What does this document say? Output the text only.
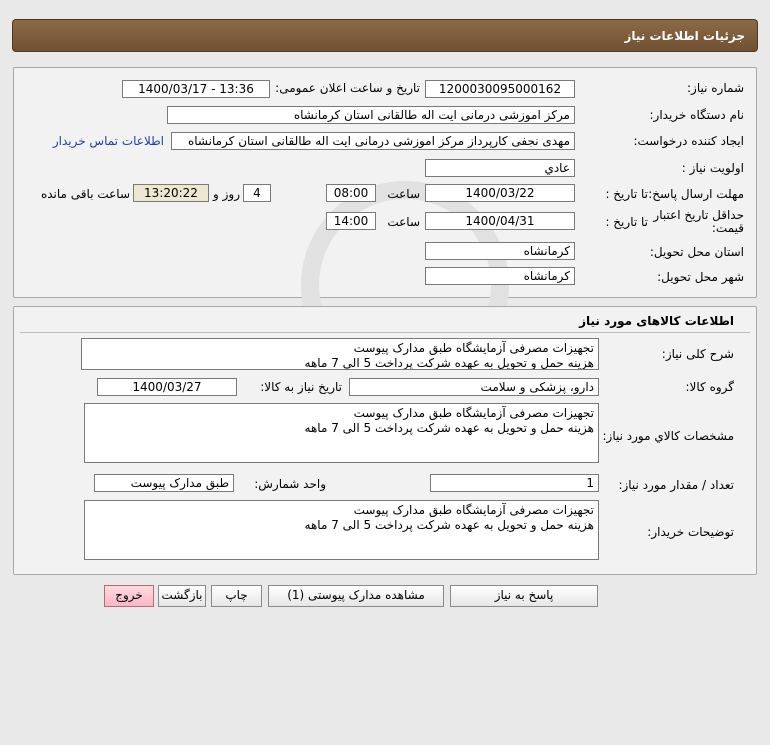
جزئیات اطلاعات نیاز
شماره نیاز:
1200030095000162
تاریخ و ساعت اعلان عمومی:
1400/03/17 - 13:36
نام دستگاه خریدار:
مرکز اموزشی درمانی ایت اله طالقانی استان کرمانشاه
ایجاد کننده درخواست:
مهدی نجفی کارپرداز مرکز اموزشی درمانی ایت اله طالقانی استان کرمانشاه
اطلاعات تماس خریدار
اولویت نیاز :
عادي
مهلت ارسال پاسخ:
تا تاریخ :
1400/03/22
ساعت
08:00
4
روز و
13:20:22
ساعت باقی مانده
حداقل تاریخ اعتبار قیمت:
تا تاریخ :
1400/04/31
ساعت
14:00
استان محل تحویل:
کرمانشاه
شهر محل تحویل:
کرمانشاه
اطلاعات کالاهای مورد نیاز
شرح کلی نیاز:
تجهیزات مصرفی آزمایشگاه طبق مدارک پیوست
هزینه حمل و تحویل به عهده شرکت پرداخت 5 الی 7 ماهه
گروه کالا:
دارو، پزشکی و سلامت
تاریخ نیاز به کالا:
1400/03/27
مشخصات کالاي مورد نیاز:
تجهیزات مصرفی آزمایشگاه طبق مدارک پیوست
هزینه حمل و تحویل به عهده شرکت پرداخت 5 الی 7 ماهه
تعداد / مقدار مورد نیاز:
1
واحد شمارش:
طبق مدارک پیوست
توضیحات خریدار:
تجهیزات مصرفی آزمایشگاه طبق مدارک پیوست
هزینه حمل و تحویل به عهده شرکت پرداخت 5 الی 7 ماهه
پاسخ به نیاز
مشاهده مدارک پیوستی (1)
چاپ
بازگشت
خروج
